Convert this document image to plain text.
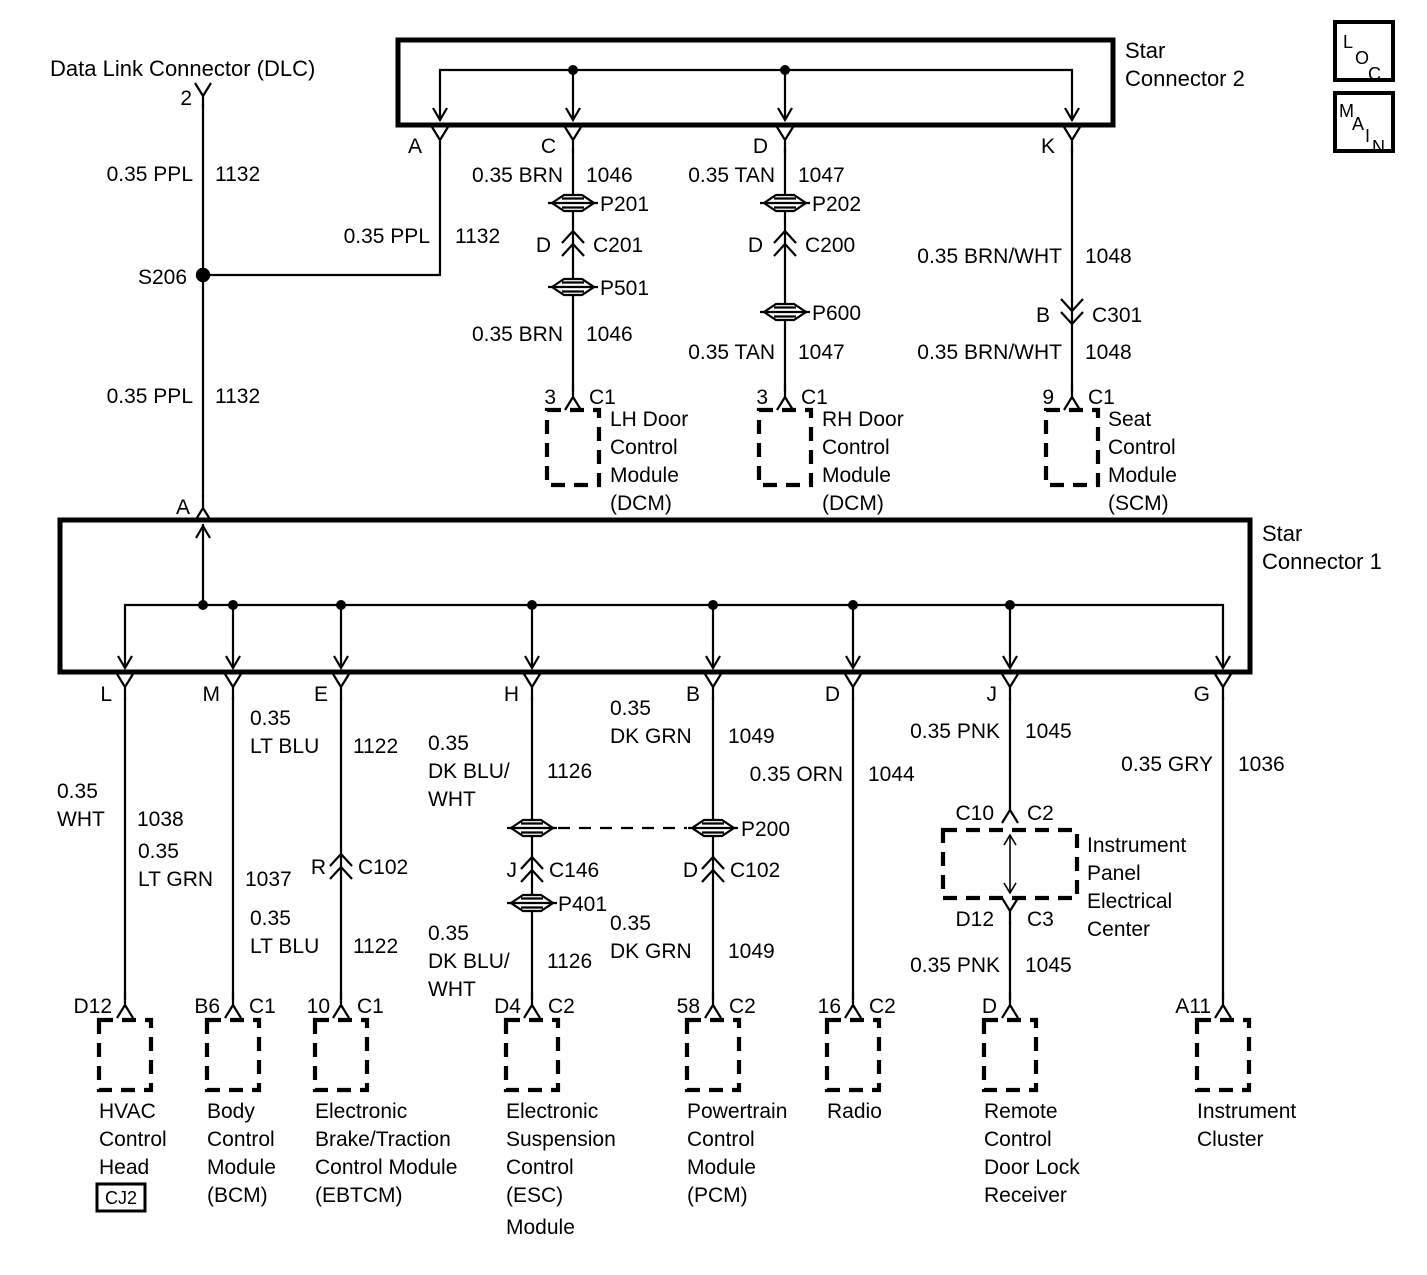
Data Link Connector (DLC)
2
0.35 PPL 1132
S206
0.35 PPL 1132
0.35 PPL 1132
Star
Connector 2
A	C	D	K
0.35 BRN 1046
P201
D C201
P501
0.35 BRN 1046
3 C1
LH Door
Control
Module
(DCM)
0.35 TAN 1047
P202
D C200
P600
0.35 TAN 1047
3 C1
RH Door
Control
Module
(DCM)
0.35 BRN/WHT 1048
B C301
0.35 BRN/WHT 1048
9 C1
Seat
Control
Module
(SCM)
A
Star
Connector 1
L	M	E	H	B	D	J	G
0.35
WHT 1038
D12
HVAC
Control
Head
CJ2
0.35
LT GRN 1037
B6 C1
Body
Control
Module
(BCM)
0.35
LT BLU 1122
R C102
0.35
LT BLU 1122
10 C1
Electronic
Brake/Traction
Control Module
(EBTCM)
0.35
DK BLU/
WHT
1126
J C146
P401
0.35
DK BLU/
WHT
1126
D4 C2
Electronic
Suspension
Control
(ESC)
Module
0.35
DK GRN 1049
P200
D C102
0.35
DK GRN 1049
58 C2
Powertrain
Control
Module
(PCM)
0.35 ORN 1044
16 C2
Radio
0.35 PNK 1045
C10 C2
Instrument
Panel
Electrical
Center
D12 C3
0.35 PNK 1045
D
Remote
Control
Door Lock
Receiver
0.35 GRY 1036
A11
Instrument
Cluster
L
O
C
M
A
I
N
